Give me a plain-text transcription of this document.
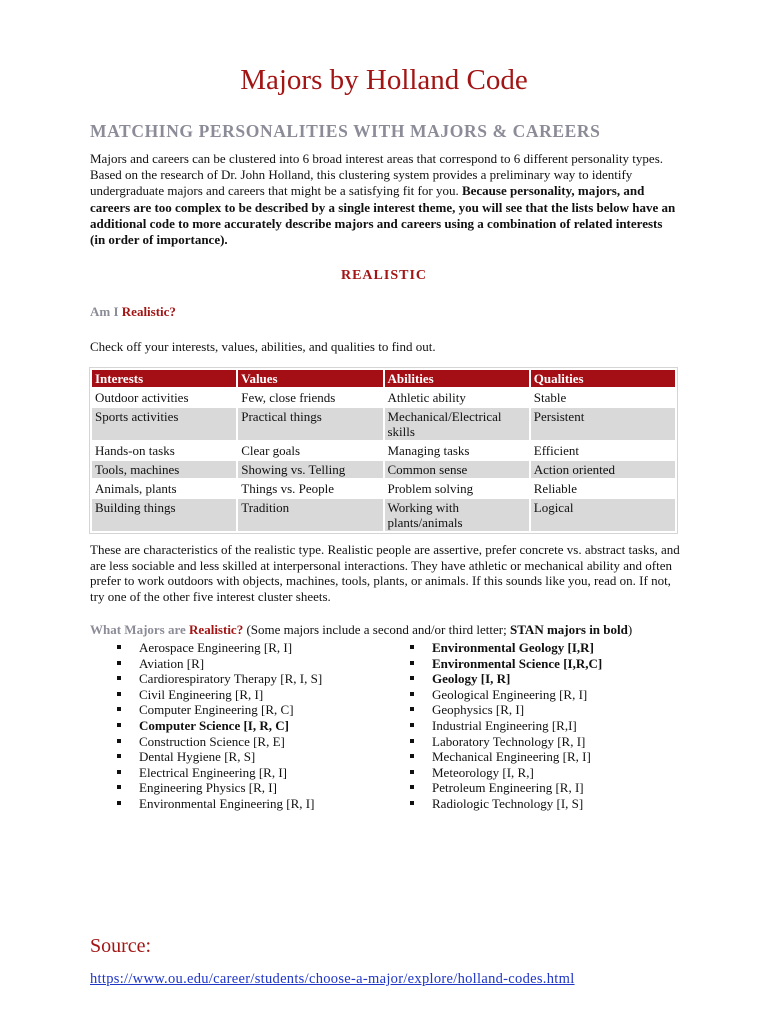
Majors by Holland Code
MATCHING PERSONALITIES WITH MAJORS & CAREERS
Majors and careers can be clustered into 6 broad interest areas that correspond to 6 different personality types. Based on the research of Dr. John Holland, this clustering system provides a preliminary way to identify undergraduate majors and careers that might be a satisfying fit for you. Because personality, majors, and careers are too complex to be described by a single interest theme, you will see that the lists below have an additional code to more accurately describe majors and careers using a combination of related interests (in order of importance).
REALISTIC
Am I Realistic?
Check off your interests, values, abilities, and qualities to find out.
Interests	Values	Abilities	Qualities
Outdoor activities	Few, close friends	Athletic ability	Stable
Sports activities	Practical things	Mechanical/Electrical skills	Persistent
Hands-on tasks	Clear goals	Managing tasks	Efficient
Tools, machines	Showing vs. Telling	Common sense	Action oriented
Animals, plants	Things vs. People	Problem solving	Reliable
Building things	Tradition	Working with plants/animals	Logical
These are characteristics of the realistic type. Realistic people are assertive, prefer concrete vs. abstract tasks, and are less sociable and less skilled at interpersonal interactions. They have athletic or mechanical ability and often prefer to work outdoors with objects, machines, tools, plants, or animals. If this sounds like you, read on. If not, try one of the other five interest cluster sheets.
What Majors are Realistic? (Some majors include a second and/or third letter; STAN majors in bold)
Aerospace Engineering [R, I]
Aviation [R]
Cardiorespiratory Therapy [R, I, S]
Civil Engineering [R, I]
Computer Engineering [R, C]
Computer Science [I, R, C]
Construction Science [R, E]
Dental Hygiene [R, S]
Electrical Engineering [R, I]
Engineering Physics [R, I]
Environmental Engineering [R, I]
Environmental Geology [I,R]
Environmental Science [I,R,C]
Geology [I, R]
Geological Engineering [R, I]
Geophysics [R, I]
Industrial Engineering [R,I]
Laboratory Technology [R, I]
Mechanical Engineering [R, I]
Meteorology [I, R,]
Petroleum Engineering [R, I]
Radiologic Technology [I, S]
Source:
https://www.ou.edu/career/students/choose-a-major/explore/holland-codes.html
